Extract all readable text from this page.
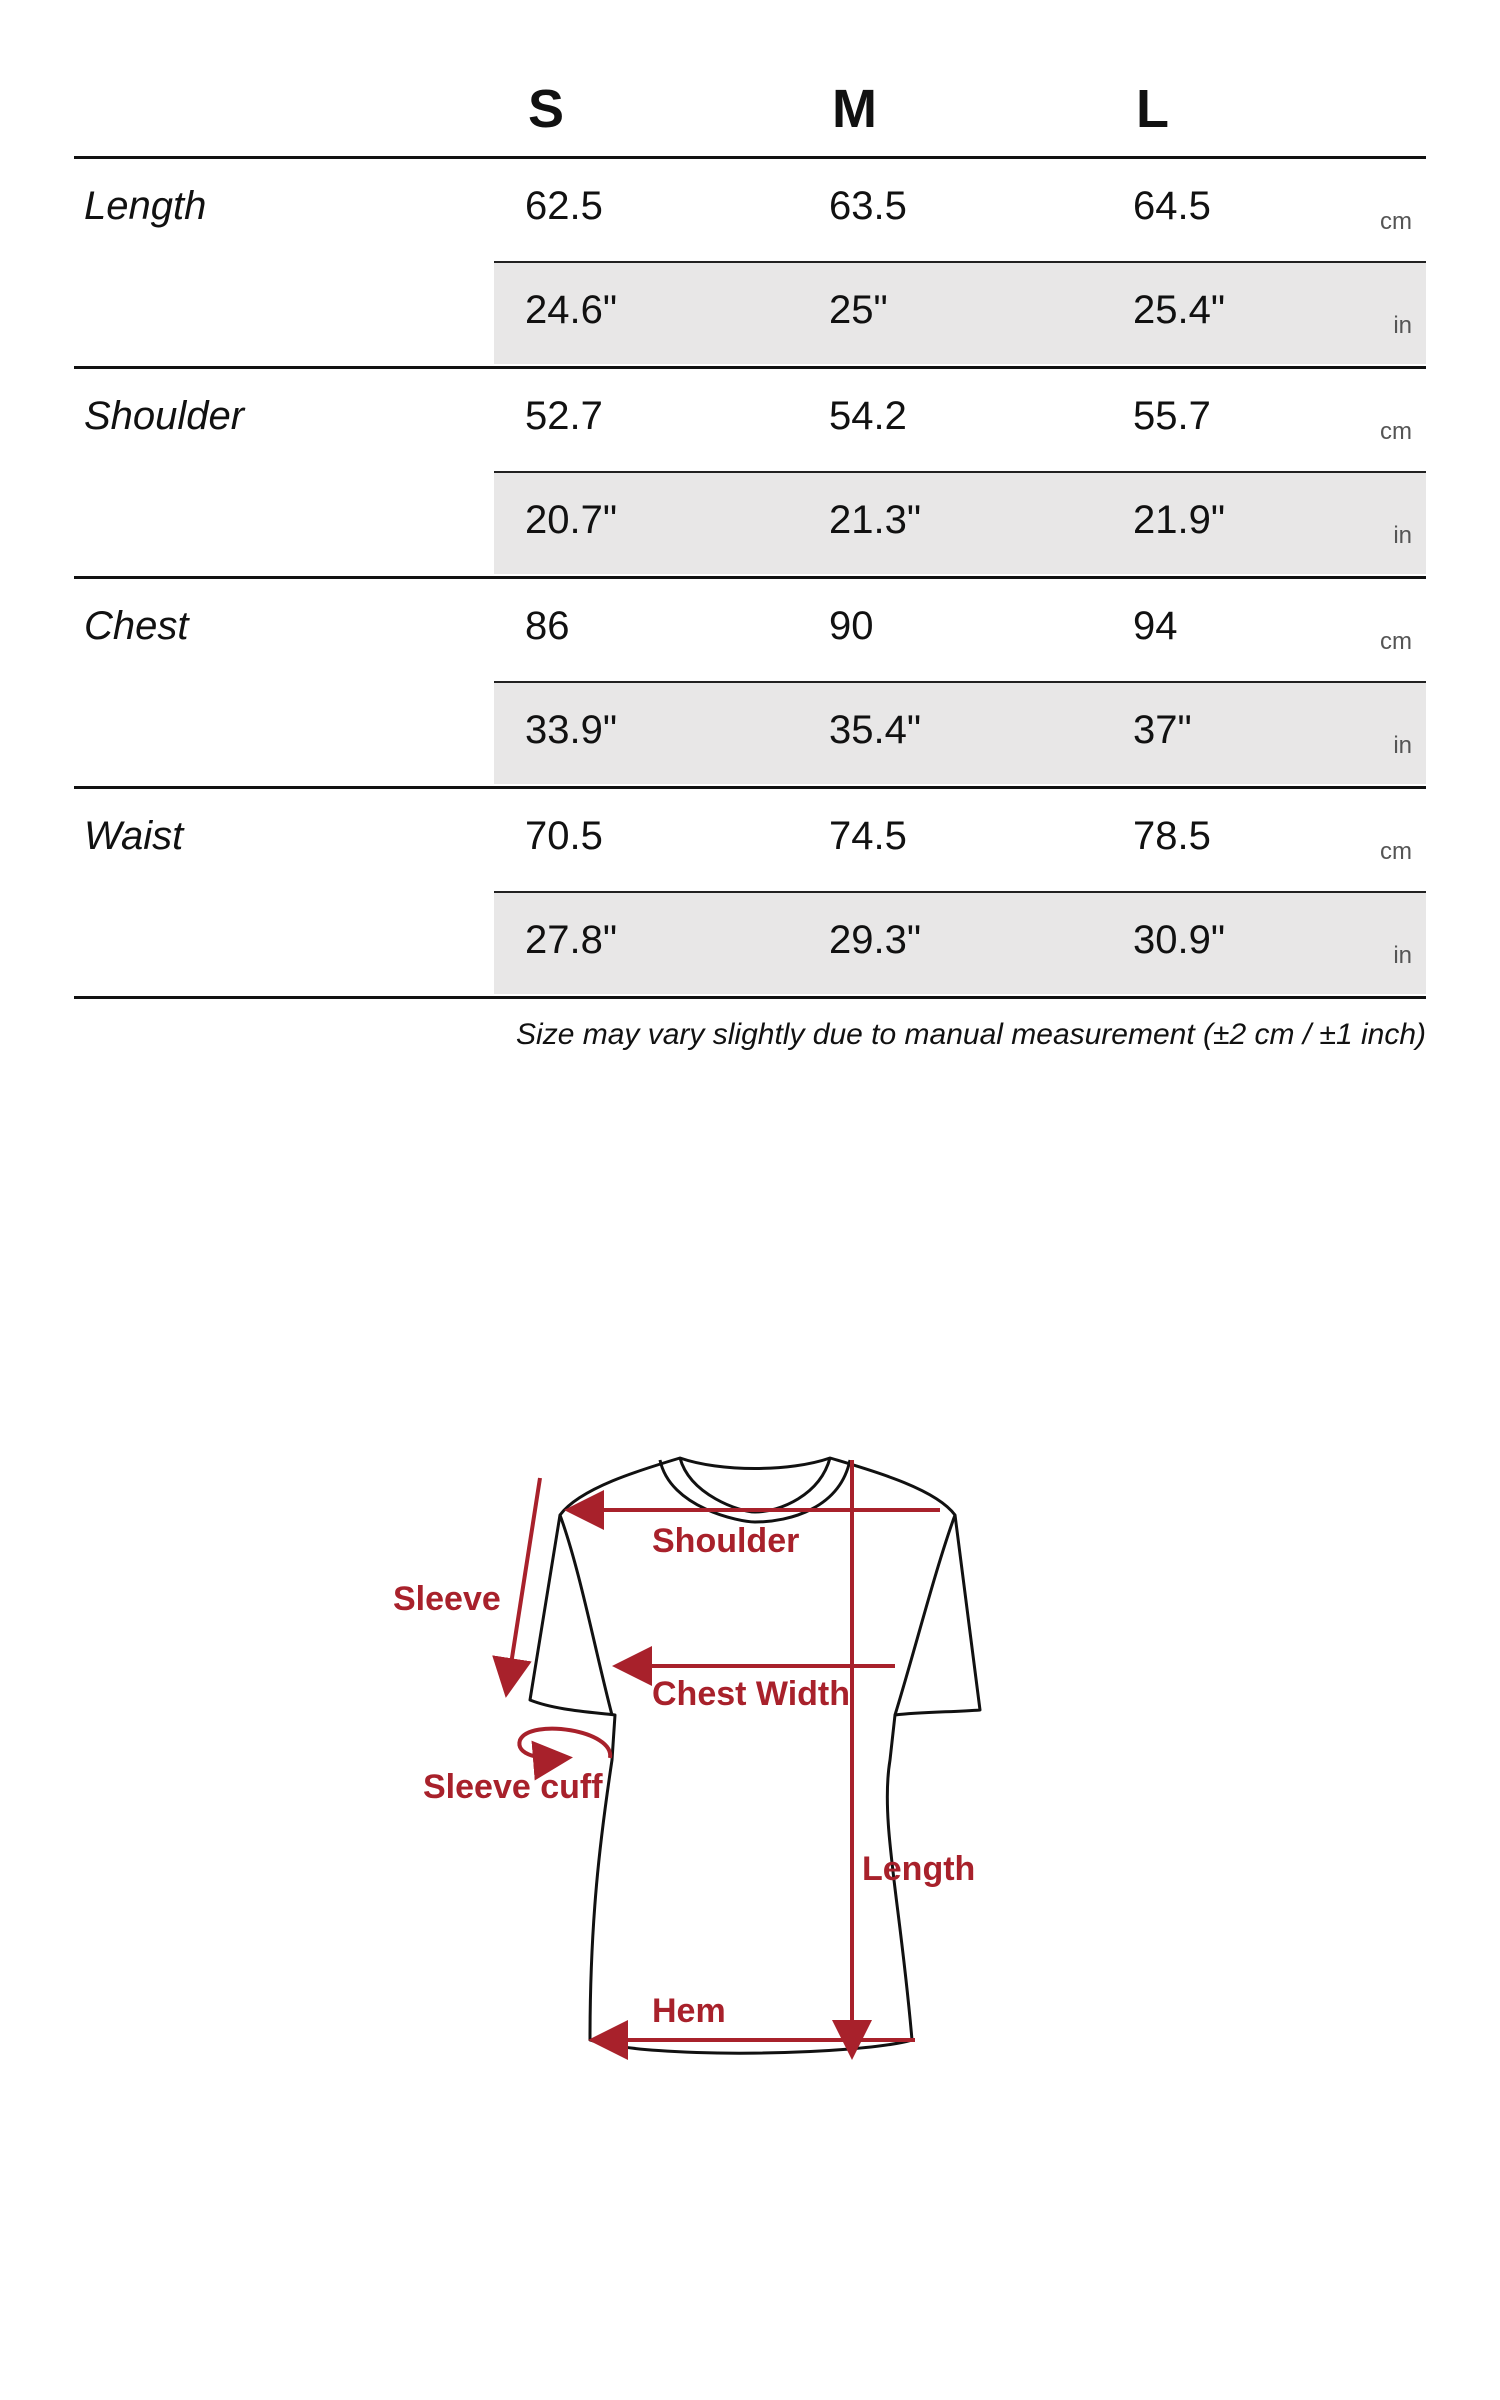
S	M	L
Length	62.5	63.5	64.5	cm
24.6"	25"	25.4"	in
Shoulder	52.7	54.2	55.7	cm
20.7"	21.3"	21.9"	in
Chest	86	90	94	cm
33.9"	35.4"	37"	in
Waist	70.5	74.5	78.5	cm
27.8"	29.3"	30.9"	in
Size may vary slightly due to manual measurement (±2 cm / ±1 inch)
Shoulder
Sleeve
Chest Width
Sleeve cuff
Length
Hem
